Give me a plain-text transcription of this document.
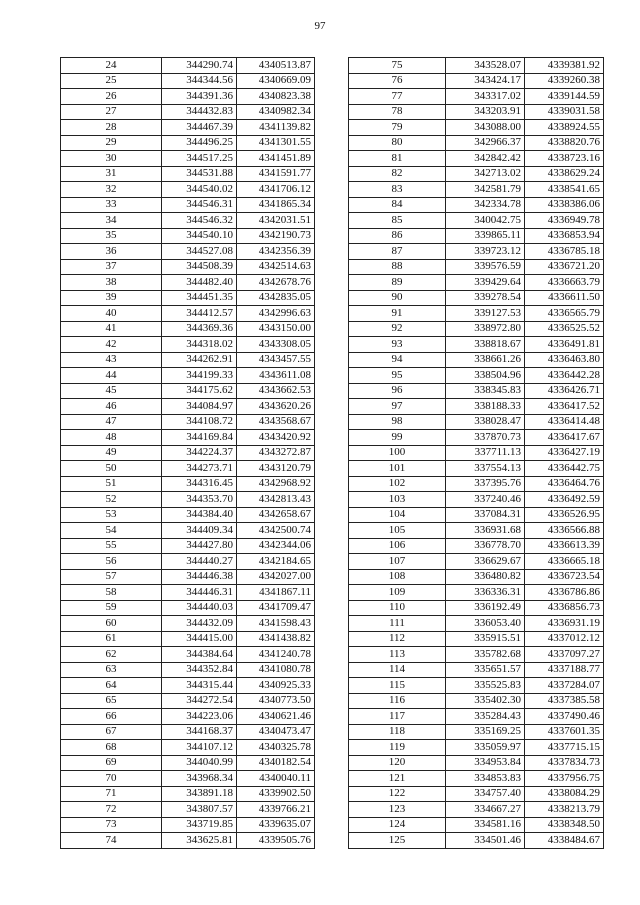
97
24	344290.74	4340513.87
25	344344.56	4340669.09
26	344391.36	4340823.38
27	344432.83	4340982.34
28	344467.39	4341139.82
29	344496.25	4341301.55
30	344517.25	4341451.89
31	344531.88	4341591.77
32	344540.02	4341706.12
33	344546.31	4341865.34
34	344546.32	4342031.51
35	344540.10	4342190.73
36	344527.08	4342356.39
37	344508.39	4342514.63
38	344482.40	4342678.76
39	344451.35	4342835.05
40	344412.57	4342996.63
41	344369.36	4343150.00
42	344318.02	4343308.05
43	344262.91	4343457.55
44	344199.33	4343611.08
45	344175.62	4343662.53
46	344084.97	4343620.26
47	344108.72	4343568.67
48	344169.84	4343420.92
49	344224.37	4343272.87
50	344273.71	4343120.79
51	344316.45	4342968.92
52	344353.70	4342813.43
53	344384.40	4342658.67
54	344409.34	4342500.74
55	344427.80	4342344.06
56	344440.27	4342184.65
57	344446.38	4342027.00
58	344446.31	4341867.11
59	344440.03	4341709.47
60	344432.09	4341598.43
61	344415.00	4341438.82
62	344384.64	4341240.78
63	344352.84	4341080.78
64	344315.44	4340925.33
65	344272.54	4340773.50
66	344223.06	4340621.46
67	344168.37	4340473.47
68	344107.12	4340325.78
69	344040.99	4340182.54
70	343968.34	4340040.11
71	343891.18	4339902.50
72	343807.57	4339766.21
73	343719.85	4339635.07
74	343625.81	4339505.76
75	343528.07	4339381.92
76	343424.17	4339260.38
77	343317.02	4339144.59
78	343203.91	4339031.58
79	343088.00	4338924.55
80	342966.37	4338820.76
81	342842.42	4338723.16
82	342713.02	4338629.24
83	342581.79	4338541.65
84	342334.78	4338386.06
85	340042.75	4336949.78
86	339865.11	4336853.94
87	339723.12	4336785.18
88	339576.59	4336721.20
89	339429.64	4336663.79
90	339278.54	4336611.50
91	339127.53	4336565.79
92	338972.80	4336525.52
93	338818.67	4336491.81
94	338661.26	4336463.80
95	338504.96	4336442.28
96	338345.83	4336426.71
97	338188.33	4336417.52
98	338028.47	4336414.48
99	337870.73	4336417.67
100	337711.13	4336427.19
101	337554.13	4336442.75
102	337395.76	4336464.76
103	337240.46	4336492.59
104	337084.31	4336526.95
105	336931.68	4336566.88
106	336778.70	4336613.39
107	336629.67	4336665.18
108	336480.82	4336723.54
109	336336.31	4336786.86
110	336192.49	4336856.73
111	336053.40	4336931.19
112	335915.51	4337012.12
113	335782.68	4337097.27
114	335651.57	4337188.77
115	335525.83	4337284.07
116	335402.30	4337385.58
117	335284.43	4337490.46
118	335169.25	4337601.35
119	335059.97	4337715.15
120	334953.84	4337834.73
121	334853.83	4337956.75
122	334757.40	4338084.29
123	334667.27	4338213.79
124	334581.16	4338348.50
125	334501.46	4338484.67
